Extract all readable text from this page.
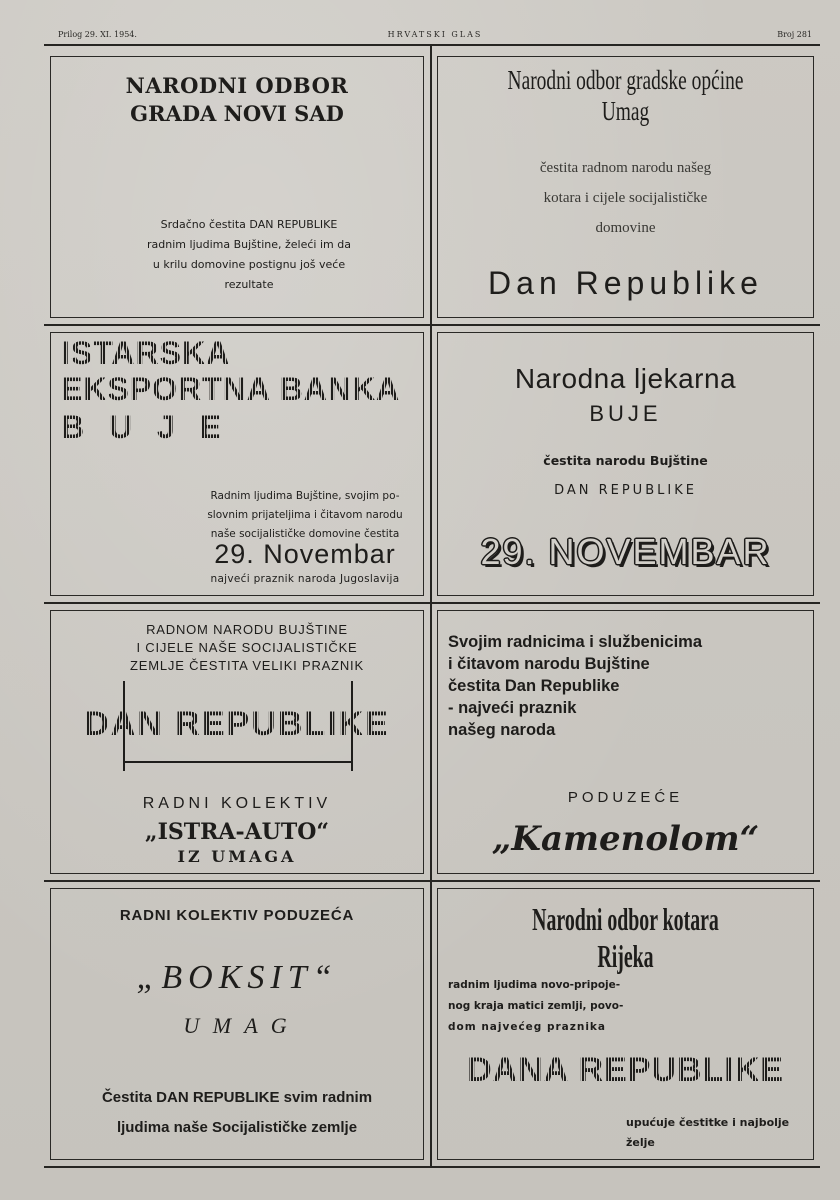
Prilog 29. XI. 1954.	HRVATSKI GLAS	Broj 281
NARODNI ODBOR
GRADA NOVI SAD
Srdačno čestita DAN REPUBLIKE
radnim ljudima Bujštine, želeći im da
u krilu domovine postignu još veće
rezultate
Narodni odbor gradske općine Umag
čestita radnom narodu našeg
kotara i cijele socijalističke
domovine
Dan Republike
ISTARSKA
EKSPORTNA BANKA
B U J E
Radnim ljudima Bujštine, svojim po-
slovnim prijateljima i čitavom narodu
naše socijalističke domovine čestita
29. Novembar
najveći praznik naroda Jugoslavija
Narodna ljekarna
BUJE
čestita narodu Bujštine
DAN REPUBLIKE
29. NOVEMBAR
RADNOM NARODU BUJŠTINE
I CIJELE NAŠE SOCIJALISTIČKE
ZEMLJE ČESTITA VELIKI PRAZNIK
DAN REPUBLIKE
RADNI KOLEKTIV
„ISTRA-AUTO“
IZ UMAGA
Svojim radnicima i službenicima
i čitavom narodu Bujštine
čestita Dan Republike
- najveći praznik
našeg naroda
PODUZEĆE
„Kamenolom“
RADNI KOLEKTIV PODUZEĆA
„BOKSIT“
U M A G
Čestita DAN REPUBLIKE svim radnim
ljudima naše Socijalističke zemlje
Narodni odbor kotara Rijeka
radnim ljudima novo-pripoje-
nog kraja matici zemlji, povo-
dom najvećeg praznika
DANA REPUBLIKE
upućuje čestitke i najbolje
želje
